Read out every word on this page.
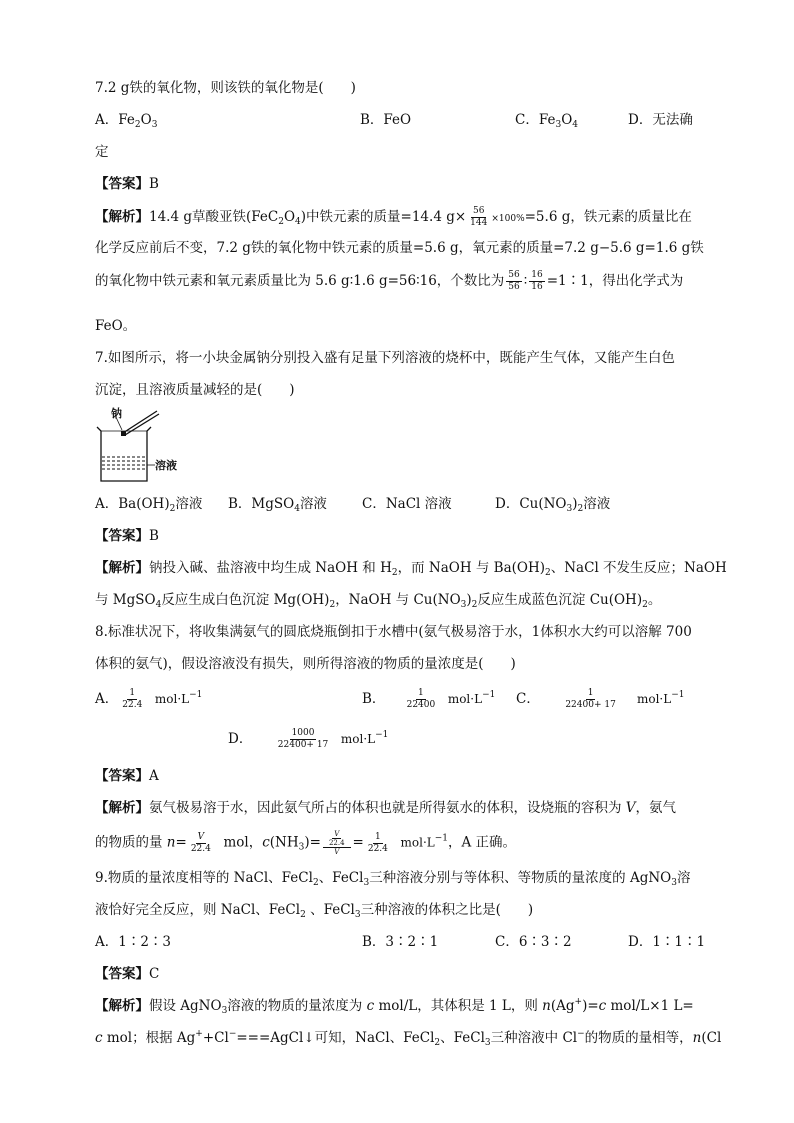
7.2 g铁的氧化物，则该铁的氧化物是(　　)
A．$Fe_2O_3$	B．FeO	C．$Fe_3O_4$	D．无法确
定
【答案】B
【解析】14.4 g草酸亚铁$(FeC_2O_4)$中铁元素的质量=14.4 $g\times \frac{56}{144} \times 100\%=5.6$ g，铁元素的质量比在
化学反应前后不变，7.2 g铁的氧化物中铁元素的质量=5.6 g，氧元素的质量=7.2 g−5.6 g=1.6 g铁
的氧化物中铁元素和氧元素质量比为 5.6 g∶1.6 g=56∶16，个数比为 $\frac{56}{56}$ ∶ $\frac{16}{16}$ =1∶1，得出化学式为
FeO。
7.如图所示，将一小块金属钠分别投入盛有足量下列溶液的烧杯中，既能产生气体，又能产生白色
沉淀，且溶液质量减轻的是(　　)
钠
溶液
A．$Ba(OH)_2$溶液 B．MgSO$_4$溶液	C．NaCl 溶液	D．$Cu(NO_3)_2$溶液
【答案】B
【解析】钠投入碱、盐溶液中均生成 NaOH 和 $H_2$，而 NaOH 与 $Ba(OH)_2$、NaCl 不发生反应；NaOH
与 MgSO$_4$反应生成白色沉淀 $Mg(OH)_2$，NaOH 与 $Cu(NO_3)_2$反应生成蓝色沉淀 $Cu(OH)_2$。
8.标准状况下，将收集满氨气的圆底烧瓶倒扣于水槽中(氨气极易溶于水，1体积水大约可以溶解 700
体积的氨气)，假设溶液没有损失，则所得溶液的物质的量浓度是(　　)
A． $\frac{1}{22.4} mol\cdot L^{-1}$	B． $\frac{1}{22400} mol\cdot L^{-1}$ C．	$\frac{1}{22400+ 17} mol\cdot L^{-1}$
D．	$\frac{1000}{22400+ 17} mol\cdot L^{-1}$
【答案】A
【解析】氨气极易溶于水，因此氨气所占的体积也就是所得氨水的体积，设烧瓶的容积为 V，氨气
的物质的量 $n= \frac{V}{22.4}$ mol，$c(NH_3)= \frac{\frac{V}{22.4}}{V} = \frac{1}{22.4} mol\cdot L^{-1}$，A 正确。
9.物质的量浓度相等的 NaCl、FeCl$_2$、FeCl$_3$三种溶液分别与等体积、等物质的量浓度的 AgNO$_3$溶
液恰好完全反应，则 NaCl、FeCl$_2$ 、FeCl$_3$三种溶液的体积之比是(　　)
A．1∶2∶3	B．3∶2∶1	C．6∶3∶2	D．1∶1∶1
【答案】C
【解析】假设 AgNO$_3$溶液的物质的量浓度为 c mol/L，其体积是 1 L，则 n(Ag+)=c mol/L×1 L=
c mol；根据 Ag++Cl−===AgCl↓可知，NaCl、FeCl$_2$、FeCl$_3$三种溶液中 Cl−的物质的量相等，n(Cl
